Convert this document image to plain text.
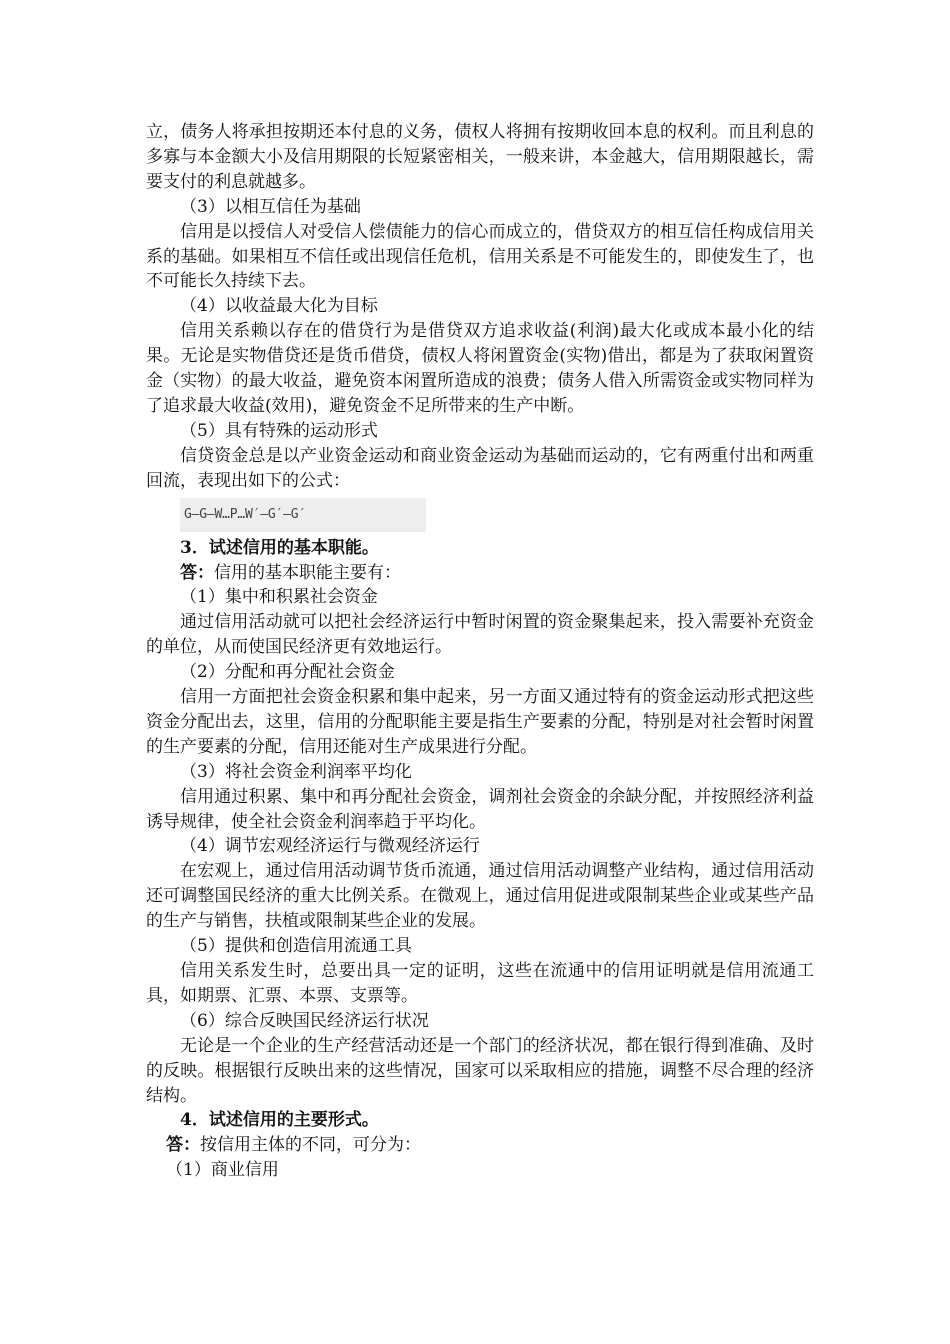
立，债务人将承担按期还本付息的义务，债权人将拥有按期收回本息的权利。而且利息的多寡与本金额大小及信用期限的长短紧密相关，一般来讲，本金越大，信用期限越长，需要支付的利息就越多。

（3）以相互信任为基础

信用是以授信人对受信人偿债能力的信心而成立的，借贷双方的相互信任构成信用关系的基础。如果相互不信任或出现信任危机，信用关系是不可能发生的，即使发生了，也不可能长久持续下去。

（4）以收益最大化为目标

信用关系赖以存在的借贷行为是借贷双方追求收益(利润)最大化或成本最小化的结果。无论是实物借贷还是货币借贷，债权人将闲置资金(实物)借出，都是为了获取闲置资金（实物）的最大收益，避免资本闲置所造成的浪费；债务人借入所需资金或实物同样为了追求最大收益(效用)，避免资金不足所带来的生产中断。

（5）具有特殊的运动形式

信贷资金总是以产业资金运动和商业资金运动为基础而运动的，它有两重付出和两重回流，表现出如下的公式：

G—G—W…P…W′—G′—G′

3．试述信用的基本职能。

答：信用的基本职能主要有：

（1）集中和积累社会资金

通过信用活动就可以把社会经济运行中暂时闲置的资金聚集起来，投入需要补充资金的单位，从而使国民经济更有效地运行。

（2）分配和再分配社会资金

信用一方面把社会资金积累和集中起来，另一方面又通过特有的资金运动形式把这些资金分配出去，这里，信用的分配职能主要是指生产要素的分配，特别是对社会暂时闲置的生产要素的分配，信用还能对生产成果进行分配。

（3）将社会资金利润率平均化

信用通过积累、集中和再分配社会资金，调剂社会资金的余缺分配，并按照经济利益诱导规律，使全社会资金利润率趋于平均化。

（4）调节宏观经济运行与微观经济运行

在宏观上，通过信用活动调节货币流通，通过信用活动调整产业结构，通过信用活动还可调整国民经济的重大比例关系。在微观上，通过信用促进或限制某些企业或某些产品的生产与销售，扶植或限制某些企业的发展。

（5）提供和创造信用流通工具

信用关系发生时，总要出具一定的证明，这些在流通中的信用证明就是信用流通工具，如期票、汇票、本票、支票等。

（6）综合反映国民经济运行状况

无论是一个企业的生产经营活动还是一个部门的经济状况，都在银行得到准确、及时的反映。根据银行反映出来的这些情况，国家可以采取相应的措施，调整不尽合理的经济结构。

4．试述信用的主要形式。

答：按信用主体的不同，可分为：

（1）商业信用
